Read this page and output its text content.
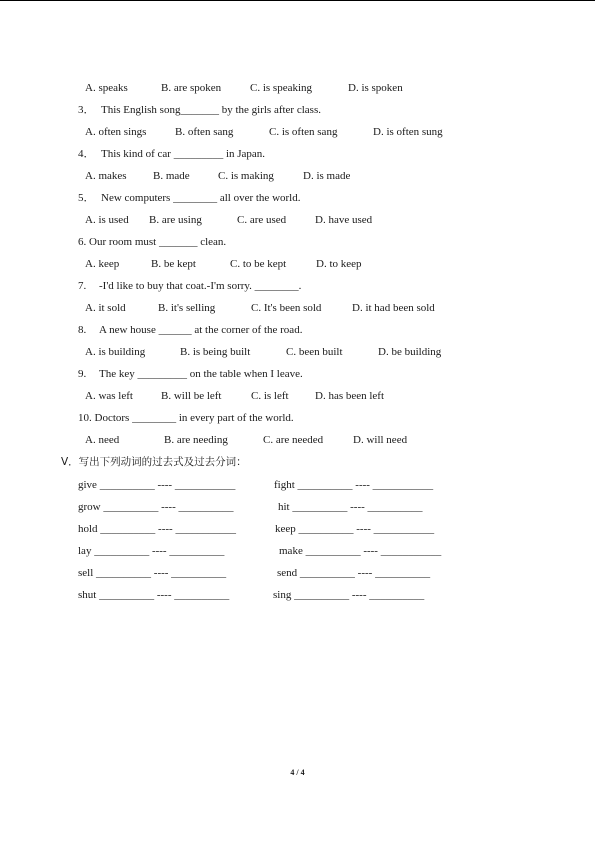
A. speaks	B. are spoken	C. is speaking	D. is spoken
3． This English song_______ by the girls after class.
A. often sings	B. often sang	C. is often sang	D. is often sung
4． This kind of car _________ in Japan.
A. makes B. made	C. is making	D. is made
5． New computers ________ all over the world.
A. is used B. are using	C. are used	D. have used
6. Our room must _______ clean.
A. keep	B. be kept	C. to be kept	D. to keep
7. -I'd like to buy that coat.-I'm sorry. ________.
A. it sold	B. it's selling	C. It's been sold	D. it had been sold
8. A new house ______ at the corner of the road.
A. is building	B. is being built	C. been built	D. be building
9. The key _________ on the table when I leave.
A. was left	B. will be left	C. is left D. has been left
10. Doctors ________ in every part of the world.
A. need	B. are needing	C. are needed	D. will need
V．写出下列动词的过去式及过去分词：
give __________ ---- ___________	fight __________ ---- ___________
grow __________ ---- __________	hit __________ ---- __________
hold __________ ---- ___________	keep __________ ---- ___________
lay __________ ---- __________	make __________ ---- ___________
sell __________ ---- __________	send __________ ---- __________
shut __________ ---- __________	sing __________ ---- __________
4 / 4
